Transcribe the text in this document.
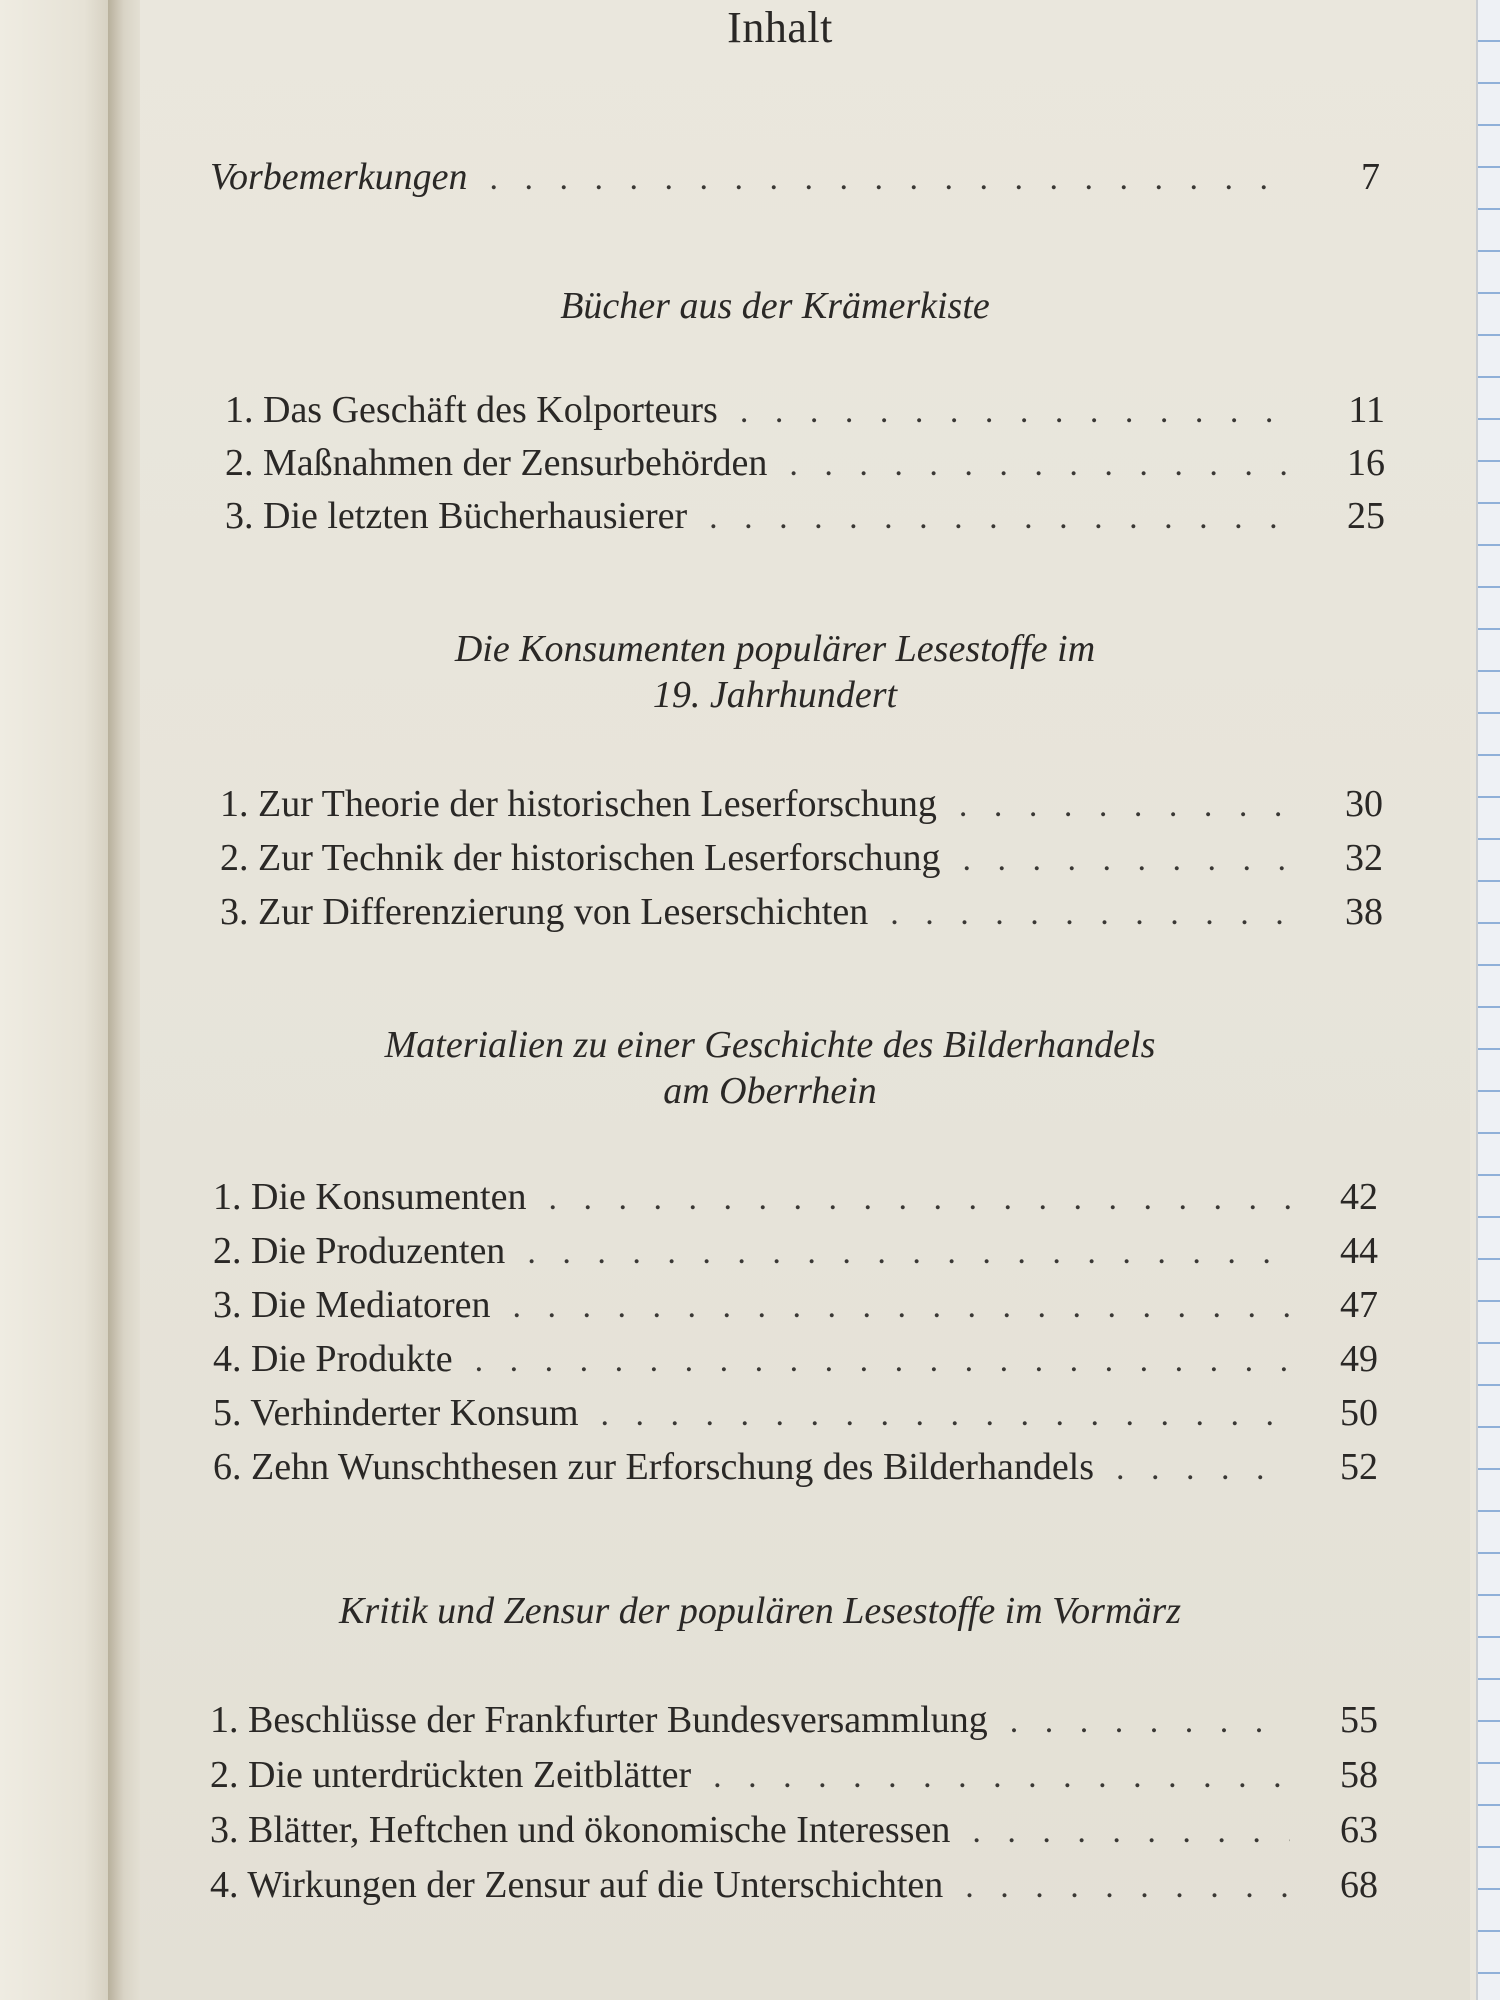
Inhalt
Vorbemerkungen . . .	7
Bücher aus der Krämerkiste
1. Das Geschäft des Kolporteurs . . .	11
2. Maßnahmen der Zensurbehörden . . .	16
3. Die letzten Bücherhausierer . . .	25
Die Konsumenten populärer Lesestoffe im
19. Jahrhundert
1. Zur Theorie der historischen Leserforschung . . .	30
2. Zur Technik der historischen Leserforschung . . .	32
3. Zur Differenzierung von Leserschichten . . .	38
Materialien zu einer Geschichte des Bilderhandels
am Oberrhein
1. Die Konsumenten . . .	42
2. Die Produzenten . . .	44
3. Die Mediatoren . . .	47
4. Die Produkte . . .	49
5. Verhinderter Konsum . . .	50
6. Zehn Wunschthesen zur Erforschung des Bilderhandels . . .	52
Kritik und Zensur der populären Lesestoffe im Vormärz
1. Beschlüsse der Frankfurter Bundesversammlung . . .	55
2. Die unterdrückten Zeitblätter . . .	58
3. Blätter, Heftchen und ökonomische Interessen . . .	63
4. Wirkungen der Zensur auf die Unterschichten . . .	68
